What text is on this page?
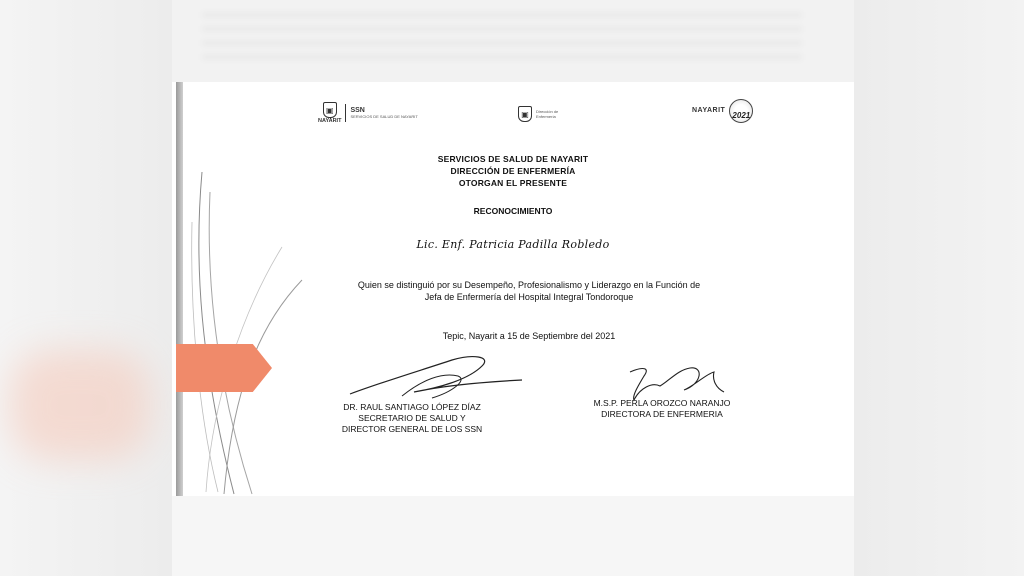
▣
NAYARIT
SSN
SERVICIOS DE SALUD DE NAYARIT	▣	Dirección de Enfermería
NAYARIT
2021
SERVICIOS DE SALUD DE NAYARIT
DIRECCIÓN DE ENFERMERÍA
OTORGAN EL PRESENTE
RECONOCIMIENTO
Lic. Enf. Patricia Padilla Robledo
Quien se distinguió por su Desempeño, Profesionalismo y Liderazgo en la Función de
Jefa de Enfermería del Hospital Integral Tondoroque
Tepic, Nayarit a 15 de Septiembre del 2021
DR. RAUL SANTIAGO LÓPEZ DÍAZ
SECRETARIO DE SALUD Y
DIRECTOR GENERAL DE LOS SSN
M.S.P. PERLA OROZCO NARANJO
DIRECTORA DE ENFERMERIA
